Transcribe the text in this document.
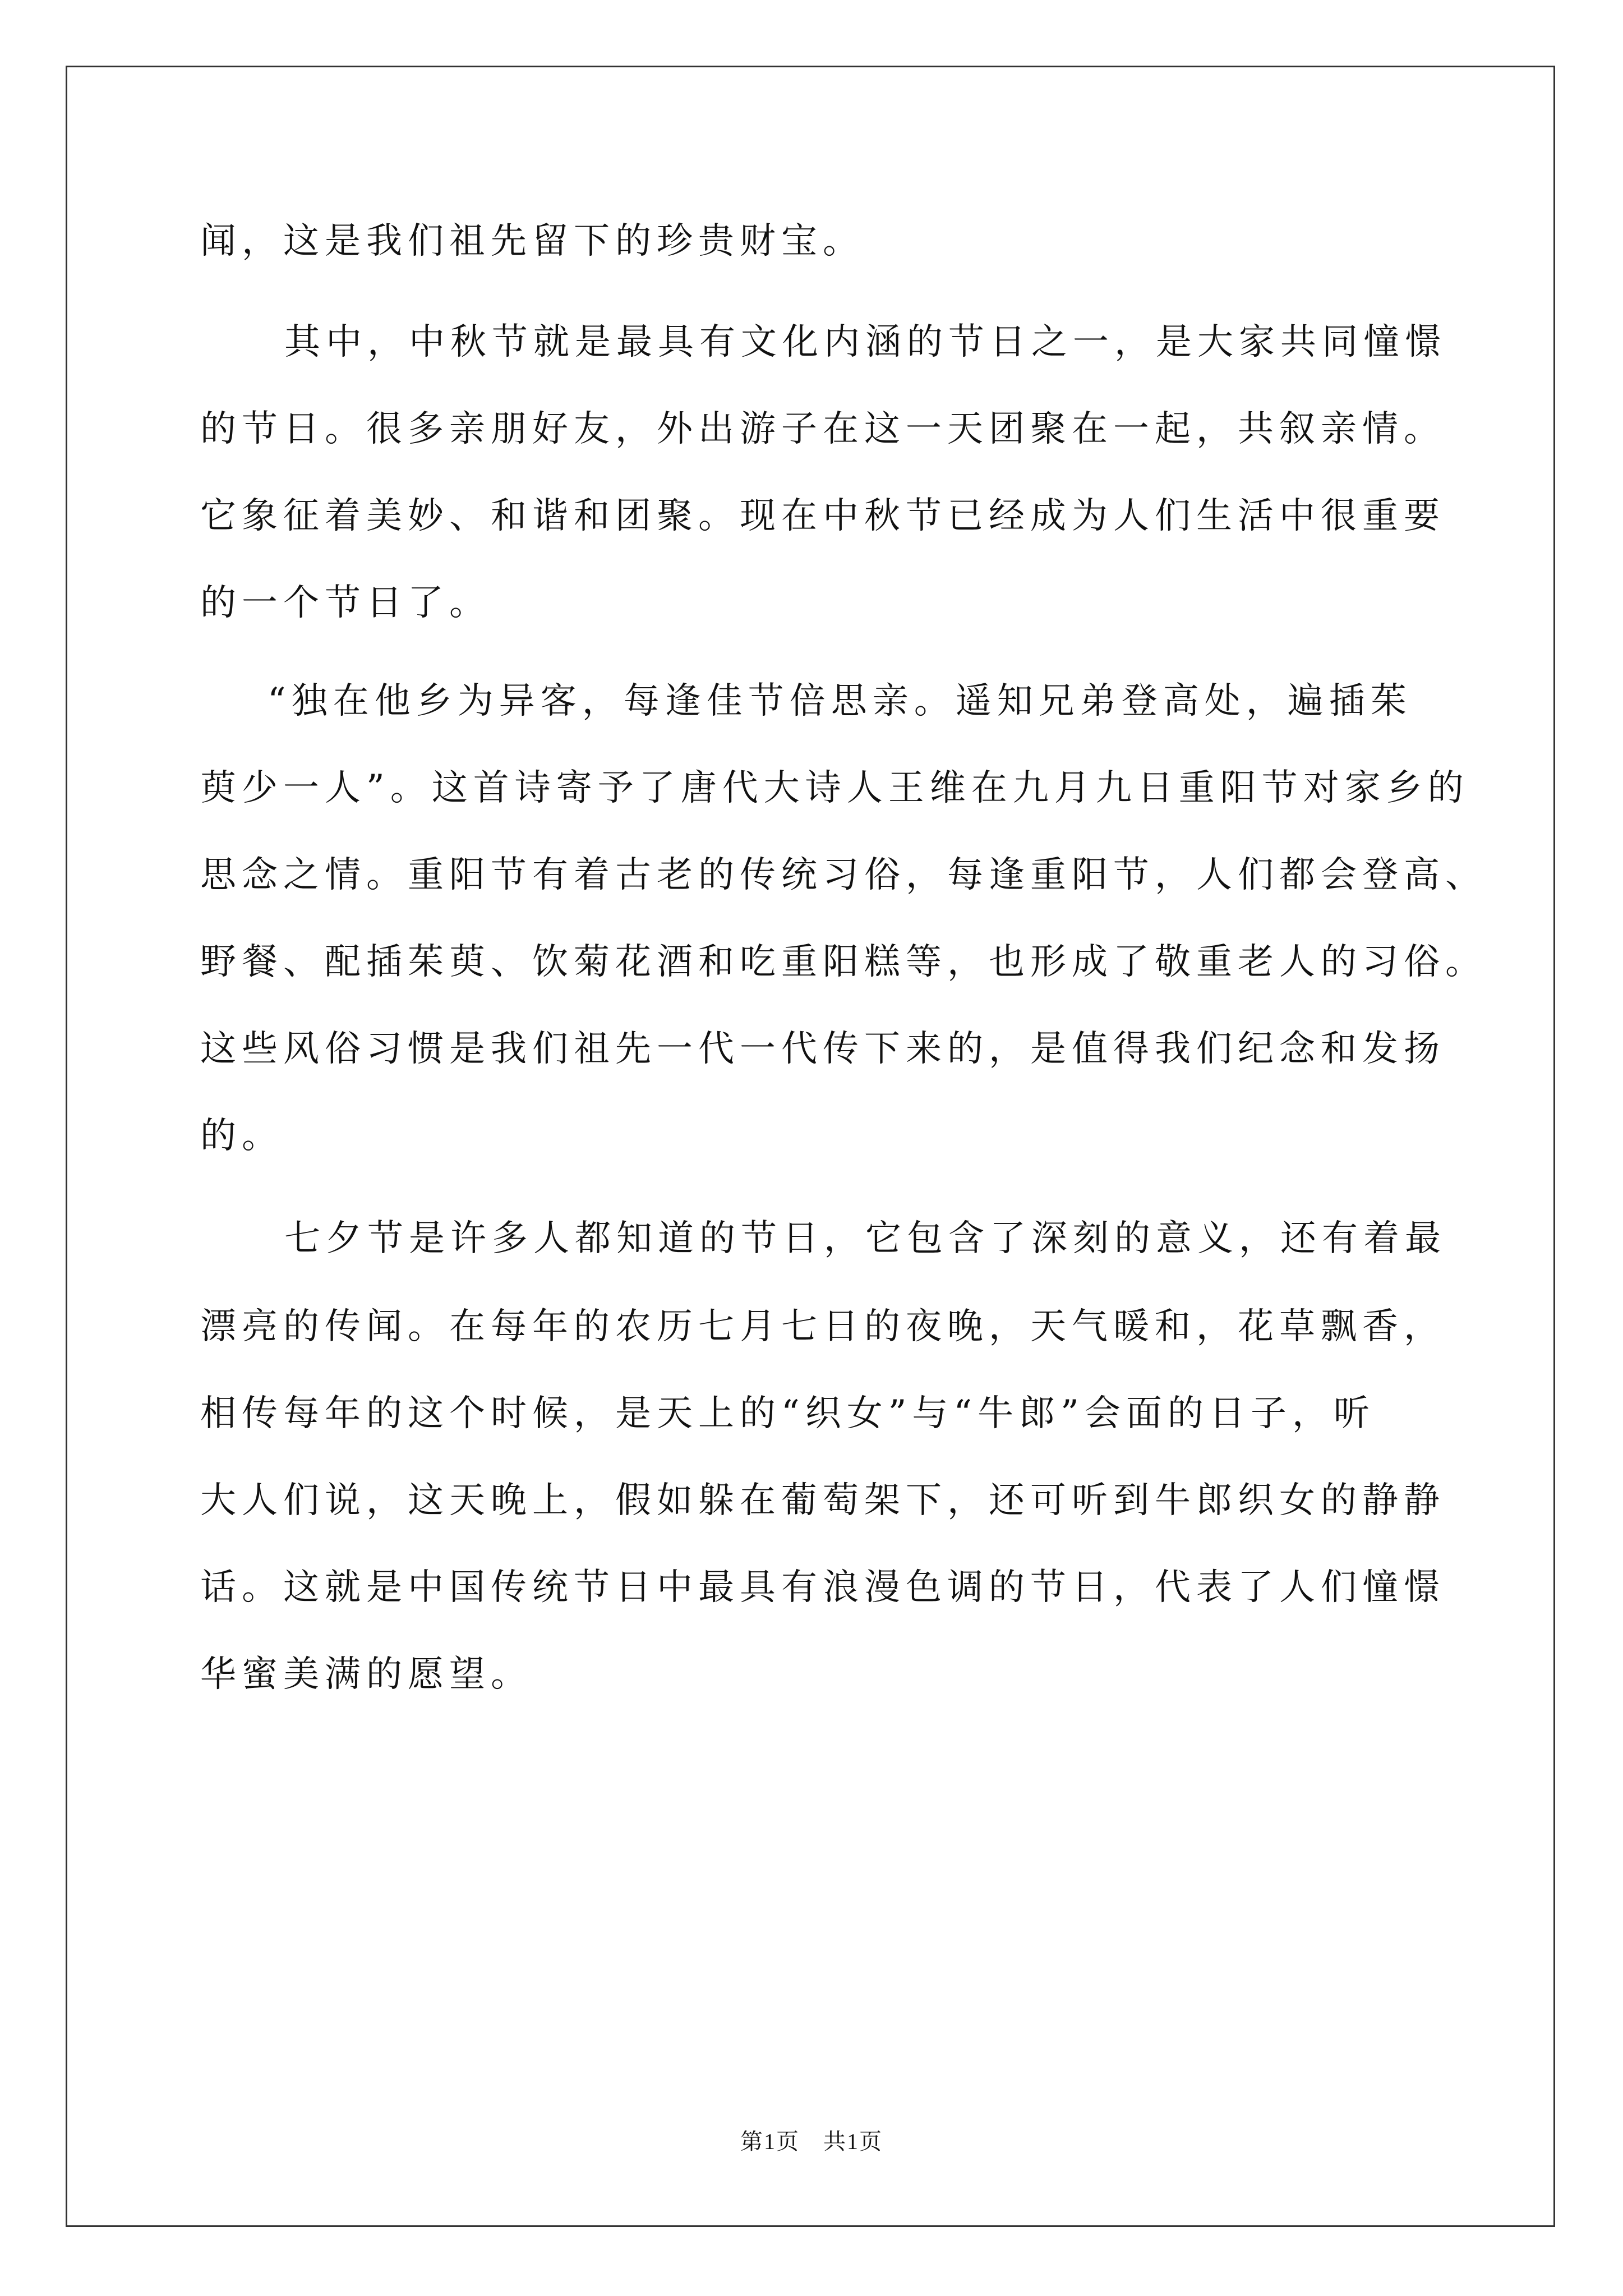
闻，这是我们祖先留下的珍贵财宝。
其中，中秋节就是最具有文化内涵的节日之一，是大家共同憧憬
的节日。很多亲朋好友，外出游子在这一天团聚在一起，共叙亲情。
它象征着美妙、和谐和团聚。现在中秋节已经成为人们生活中很重要
的一个节日了。
“独在他乡为异客，每逢佳节倍思亲。遥知兄弟登高处，遍插茱
萸少一人”。这首诗寄予了唐代大诗人王维在九月九日重阳节对家乡的
思念之情。重阳节有着古老的传统习俗，每逢重阳节，人们都会登高、
野餐、配插茱萸、饮菊花酒和吃重阳糕等，也形成了敬重老人的习俗。
这些风俗习惯是我们祖先一代一代传下来的，是值得我们纪念和发扬
的。
七夕节是许多人都知道的节日，它包含了深刻的意义，还有着最
漂亮的传闻。在每年的农历七月七日的夜晚，天气暖和，花草飘香，
相传每年的这个时候，是天上的“织女”与“牛郎”会面的日子，听
大人们说，这天晚上，假如躲在葡萄架下，还可听到牛郎织女的静静
话。这就是中国传统节日中最具有浪漫色调的节日，代表了人们憧憬
华蜜美满的愿望。
第1页　共1页
